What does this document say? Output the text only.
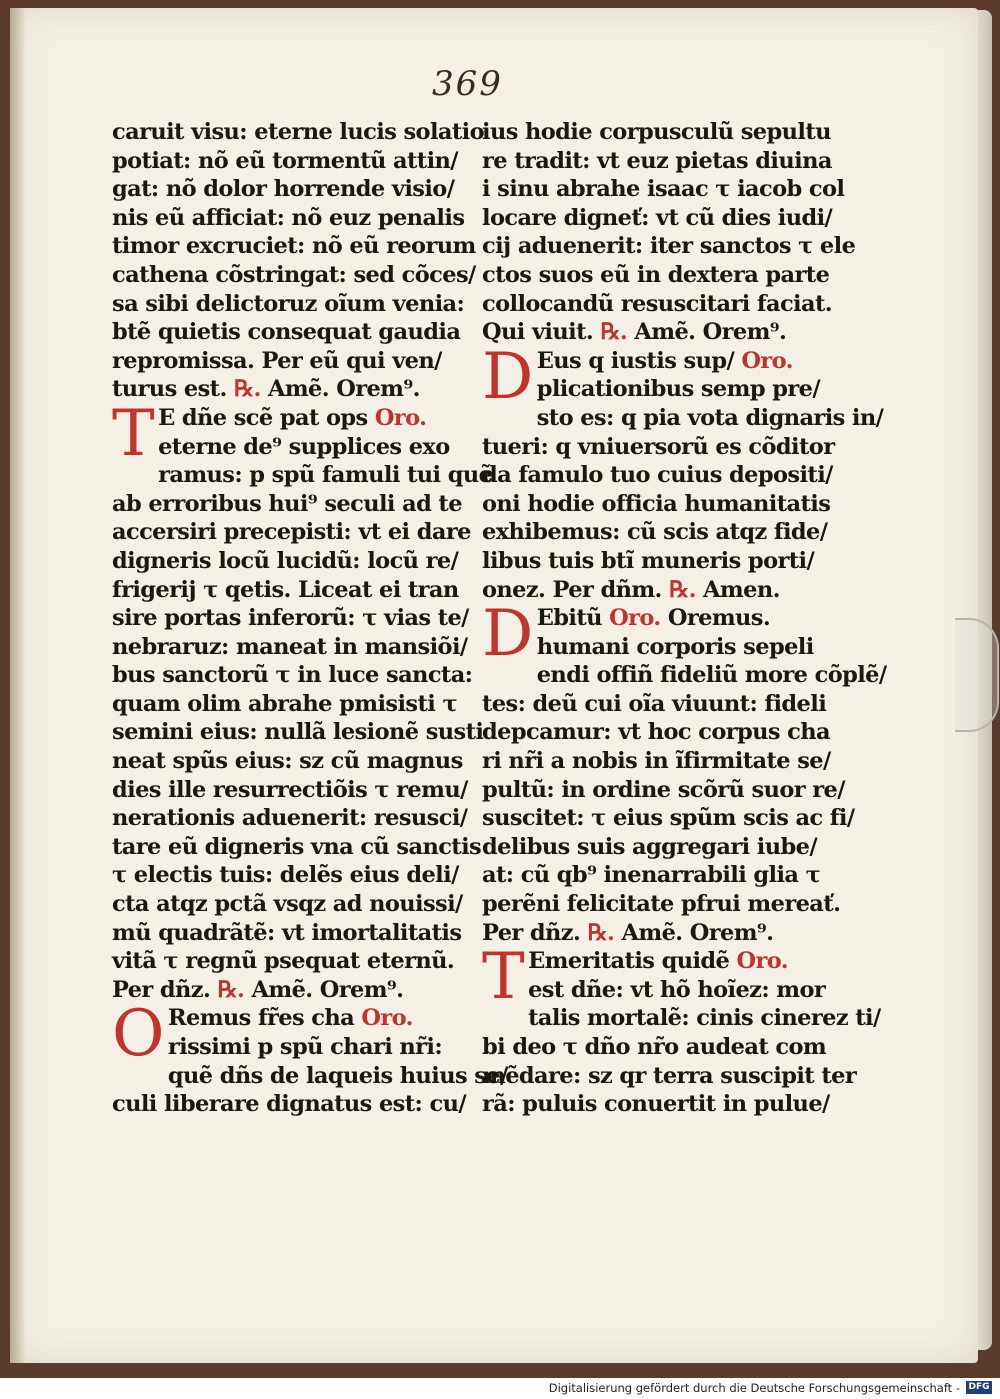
369
caruit visu: eterne lucis solatio
potiat: nõ eũ tormentũ attin/
gat: nõ dolor horrende visio/
nis eũ afficiat: nõ euz penalis
timor excruciet: nõ eũ reorum
cathena cõstringat: sed cõces/
sa sibi delictoruz oĩum venia:
btẽ quietis consequat gaudia
repromissa. Per eũ qui ven/
turus est. ℞. Amẽ. Orem⁹.
T E dñe scẽ pat ops Oro.
eterne de⁹ supplices exo
ramus: p spũ famuli tui quẽ
ab erroribus hui⁹ seculi ad te
accersiri precepisti: vt ei dare
digneris locũ lucidũ: locũ re/
frigerij τ qetis. Liceat ei tran
sire portas inferorũ: τ vias te/
nebraruz: maneat in mansiõi/
bus sanctorũ τ in luce sancta:
quam olim abrahe pmisisti τ
semini eius: nullã lesionẽ susti
neat spũs eius: sz cũ magnus
dies ille resurrectiõis τ remu/
nerationis aduenerit: resusci/
tare eũ digneris vna cũ sanctis
τ electis tuis: delẽs eius deli/
cta atqz pctã vsqz ad nouissi/
mũ quadrãtẽ: vt imortalitatis
vitã τ regnũ psequat eternũ.
Per dñz. ℞. Amẽ. Orem⁹.
O Remus fr̃es cha Oro.
rissimi p spũ chari nr̃i:
quẽ dñs de laqueis huius se/
culi liberare dignatus est: cu/
ius hodie corpusculũ sepultu
re tradit: vt euz pietas diuina
i sinu abrahe isaac τ iacob col
locare digneť: vt cũ dies iudi/
cij aduenerit: iter sanctos τ ele
ctos suos eũ in dextera parte
collocandũ resuscitari faciat.
Qui viuit. ℞. Amẽ. Orem⁹.
D Eus q iustis sup/ Oro.
plicationibus semp pre/
sto es: q pia vota dignaris in/
tueri: q vniuersorũ es cõditor
da famulo tuo cuius depositi/
oni hodie officia humanitatis
exhibemus: cũ scis atqz fide/
libus tuis btĩ muneris porti/
onez. Per dñm. ℞. Amen.
D Ebitũ Oro. Oremus.
humani corporis sepeli
endi offiñ fideliũ more cõplẽ/
tes: deũ cui oĩa viuunt: fideli
depcamur: vt hoc corpus cha
ri nr̃i a nobis in ĩfirmitate se/
pultũ: in ordine scõrũ suor re/
suscitet: τ eius spũm scis ac fi/
delibus suis aggregari iube/
at: cũ qb⁹ inenarrabili glia τ
perẽni felicitate pfrui mereať.
Per dñz. ℞. Amẽ. Orem⁹.
T Emeritatis quidẽ Oro.
est dñe: vt hõ hoĩez: mor
talis mortalẽ: cinis cinerez ti/
bi deo τ dño nr̃o audeat com
mẽdare: sz qr terra suscipit ter
rã: puluis conuertit in pulue/
Digitalisierung gefördert durch die Deutsche Forschungsgemeinschaft - DFG
